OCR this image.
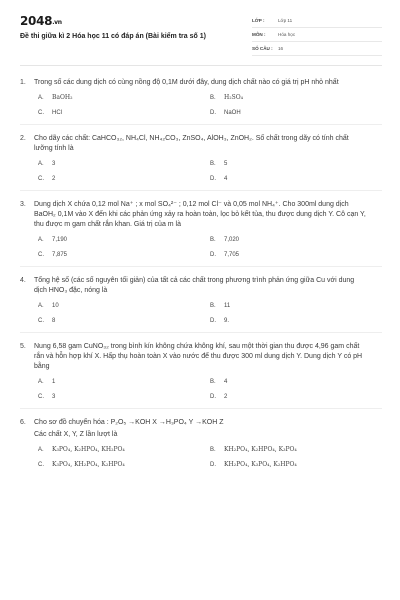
2048.vn
Đề thi giữa kì 2 Hóa học 11 có đáp án (Bài kiểm tra số 1)
LỚP :	Lớp 11
MÔN :	Hóa học
SỐ CÂU :	16
1.	Trong số các dung dịch có cùng nồng độ 0,1M dưới đây, dung dịch chất nào có giá trị pH nhỏ nhất
A.	BaOH₂	B.	H₂SO₄
C.	HCl	D.	NaOH
2.	Cho dãy các chất: CaHCO₃₂, NH₄Cl, NH₄₂CO₃, ZnSO₄, AlOH₃, ZnOH₂. Số chất trong dãy có tính chất lưỡng tính là
A.	3	B.	5
C.	2	D.	4
3.	Dung dịch X chứa 0,12 mol Na⁺ ; x mol SO₄²⁻ ; 0,12 mol Cl⁻ và 0,05 mol NH₄⁺. Cho 300ml dung dịch BaOH₂ 0,1M vào X đến khi các phản ứng xảy ra hoàn toàn, lọc bỏ kết tủa, thu được dung dịch Y. Cô cạn Y, thu được m gam chất rắn khan. Giá trị của m là
A.	7,190	B.	7,020
C.	7,875	D.	7,705
4.	Tổng hệ số (các số nguyên tối giản) của tất cả các chất trong phương trình phản ứng giữa Cu với dung dịch HNO₃ đặc, nóng là
A.	10	B.	11
C.	8	D.	9.
5.	Nung 6,58 gam CuNO₃₂ trong bình kín không chứa không khí, sau một thời gian thu được 4,96 gam chất rắn và hỗn hợp khí X. Hấp thụ hoàn toàn X vào nước để thu được 300 ml dung dịch Y. Dung dịch Y có pH bằng
A.	1	B.	4
C.	3	D.	2
6.	Cho sơ đồ chuyển hóa : P₂O₅ →KOH X →H₃PO₄ Y →KOH Z
Các chất X, Y, Z lần lượt là
A.	K₃PO₄, K₂HPO₄, KH₂PO₄	B.	KH₂PO₄, K₂HPO₄, K₃PO₄
C.	K₃PO₄, KH₂PO₄, K₂HPO₄	D.	KH₂PO₄, K₃PO₄, K₂HPO₄
